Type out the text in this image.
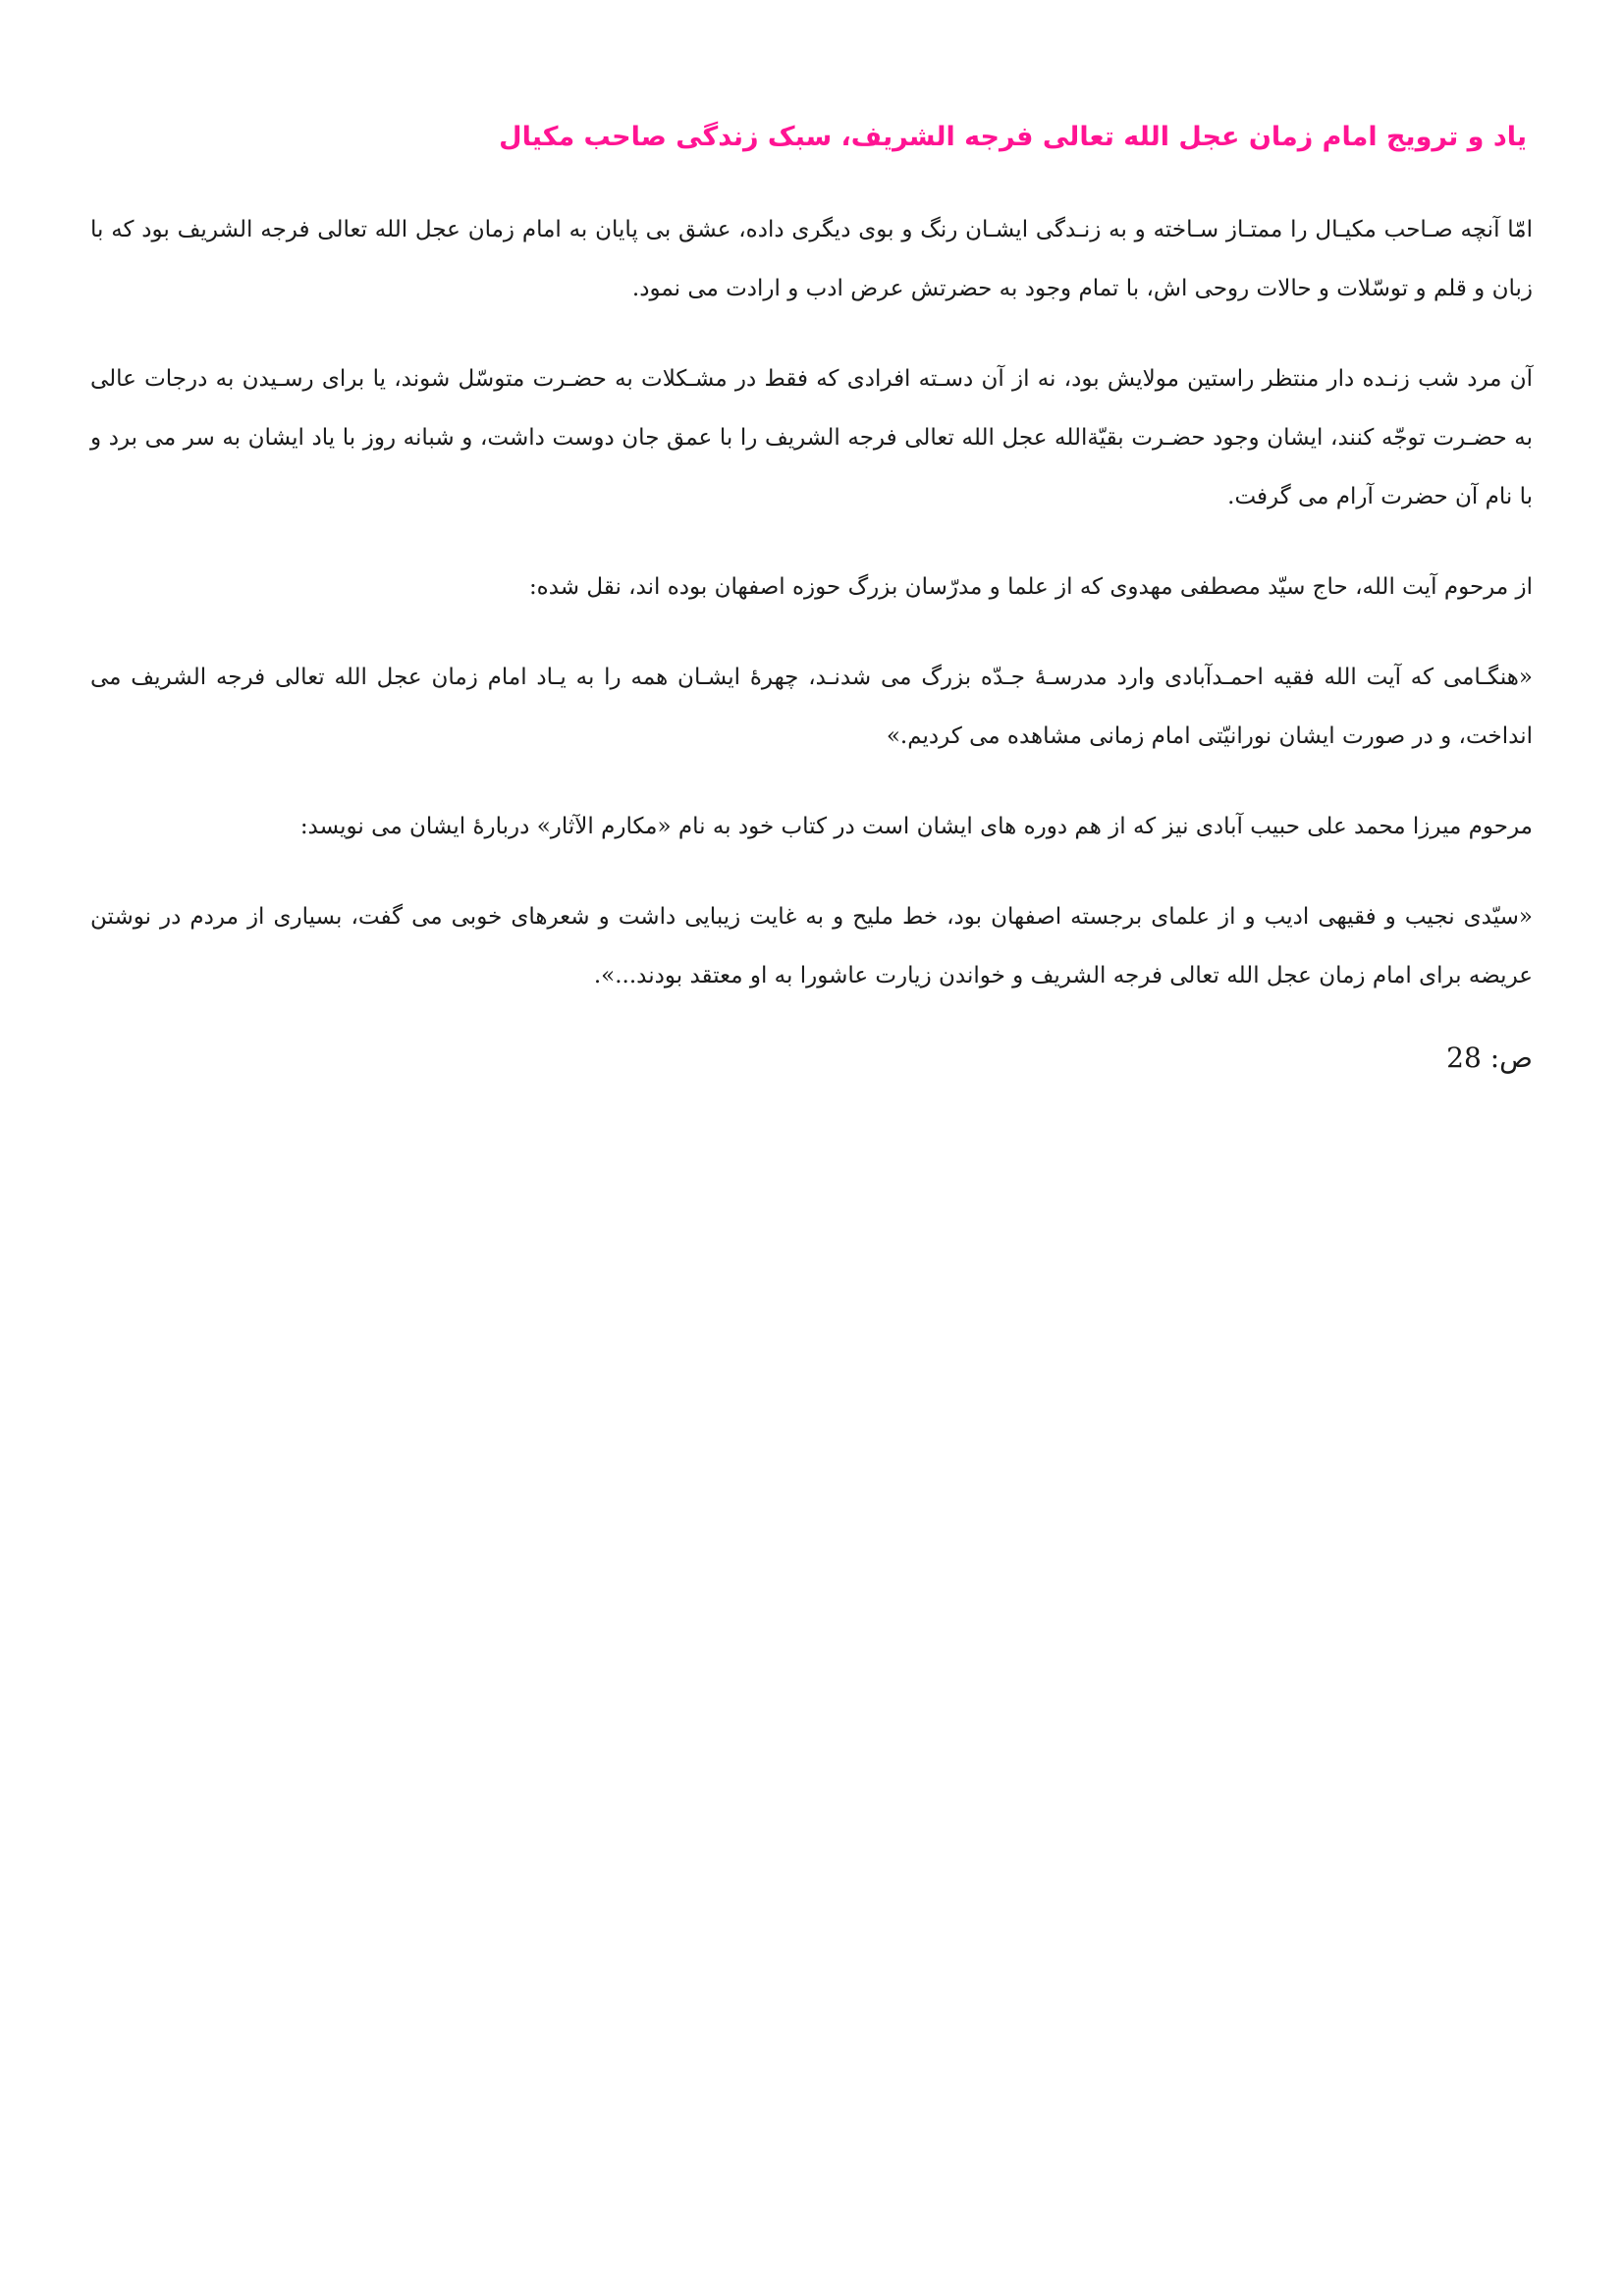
یاد و ترویج امام زمان عجل الله تعالی فرجه الشریف، سبک زندگی صاحب مکیال

امّا آنچه صـاحب مکیـال را ممتـاز سـاخته و به زنـدگی ایشـان رنگ و بوی دیگری داده، عشق بی پایان به امام زمان عجل الله تعالی فرجه الشریف بود که با زبان و قلم و توسّلات و حالات روحی اش، با تمام وجود به حضرتش عرض ادب و ارادت می نمود.

آن مرد شب زنـده دار منتظر راستین مولایش بود، نه از آن دسـته افرادی که فقط در مشـکلات به حضـرت متوسّل شوند، یا برای رسـیدن به درجات عالی به حضـرت توجّه کنند، ایشان وجود حضـرت بقیّةالله عجل الله تعالی فرجه الشریف را با عمق جان دوست داشت، و شبانه روز با یاد ایشان به سر می برد و با نام آن حضرت آرام می گرفت.

از مرحوم آیت الله، حاج سیّد مصطفی مهدوی که از علما و مدرّسان بزرگ حوزه اصفهان بوده اند، نقل شده:

«هنگـامی که آیت الله فقیه احمـدآبادی وارد مدرسـهٔ جـدّه بزرگ می شدنـد، چهرهٔ ایشـان همه را به یـاد امام زمان عجل الله تعالی فرجه الشریف می انداخت، و در صورت ایشان نورانیّتی امام زمانی مشاهده می کردیم.»

مرحوم میرزا محمد علی حبیب آبادی نیز که از هم دوره های ایشان است در کتاب خود به نام «مکارم الآثار» دربارهٔ ایشان می نویسد:

«سیّدی نجیب و فقیهی ادیب و از علمای برجسته اصفهان بود، خط ملیح و به غایت زیبایی داشت و شعرهای خوبی می گفت، بسیاری از مردم در نوشتن عریضه برای امام زمان عجل الله تعالی فرجه الشریف و خواندن زیارت عاشورا به او معتقد بودند...».

ص: 28
